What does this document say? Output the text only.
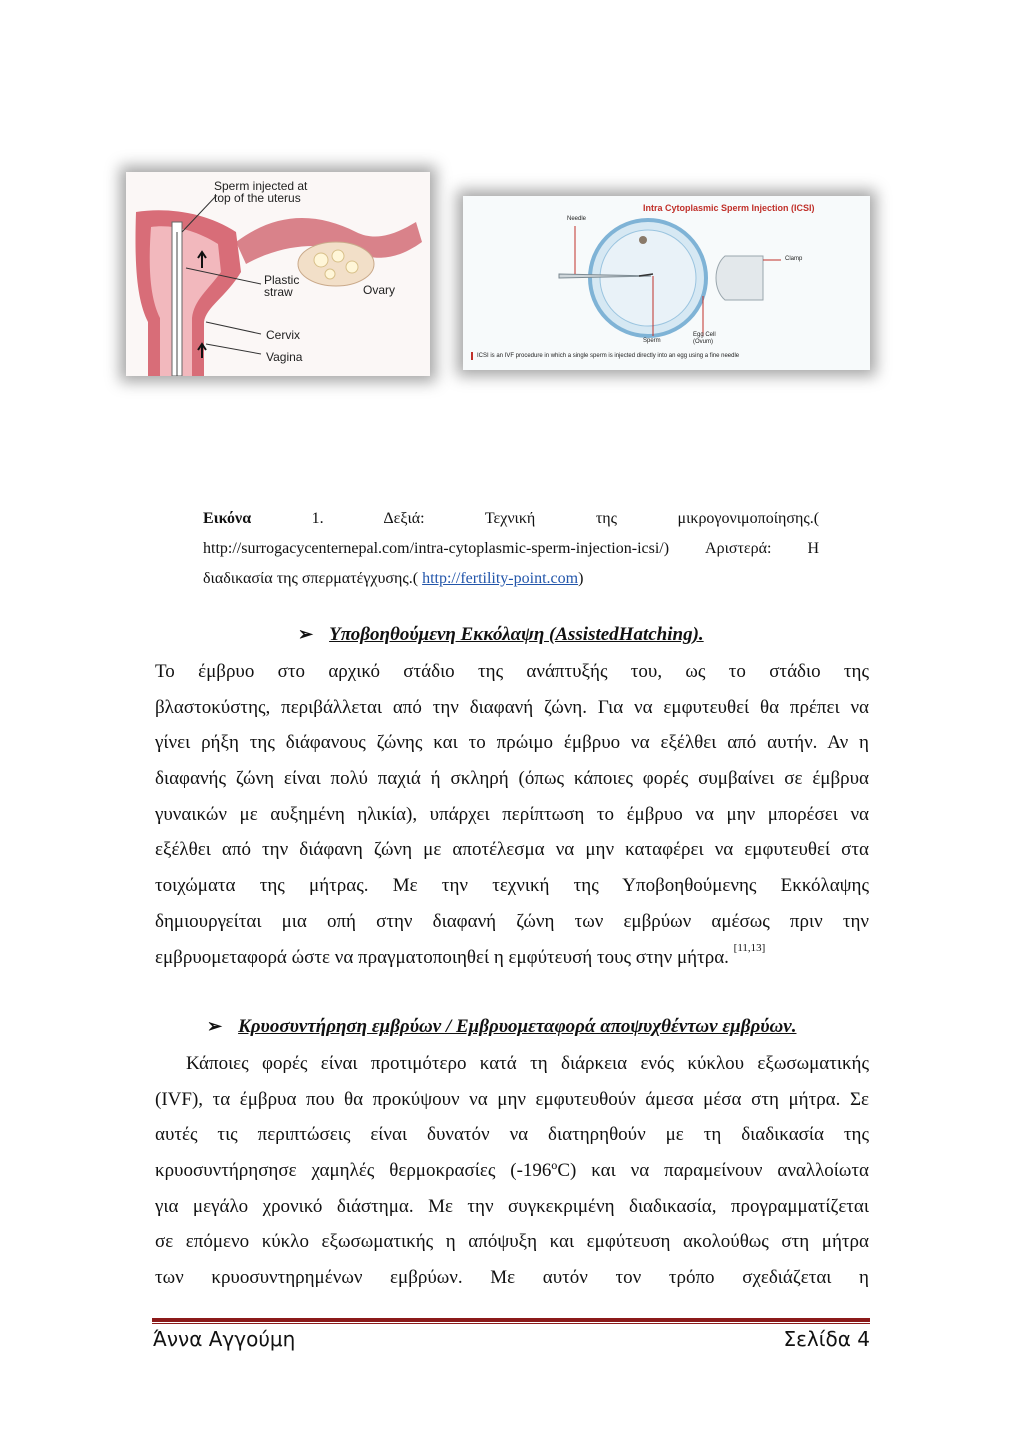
Sperm injected at
top of the uterus
Plastic
straw	Ovary
Cervix
Vagina
Intra Cytoplasmic Sperm Injection (ICSI)
Needle
Clamp
Sperm
Egg Cell
(Ovum)
ICSI is an IVF procedure in which a single sperm is injected directly into an egg using a fine needle
Εικόνα	1.	Δεξιά:	Τεχνική	της	μικρογονιμοποίησης.(
http://surrogacycenternepal.com/intra-cytoplasmic-sperm-injection-icsi/) Αριστερά: Η
διαδικασία της σπερματέγχυσης.( http://fertility-point.com)
➢ Υποβοηθούμενη Εκκόλαψη (AssistedHatching).
Το έμβρυο στο αρχικό στάδιο της ανάπτυξής του, ως το στάδιο της
βλαστοκύστης, περιβάλλεται από την διαφανή ζώνη. Για να εμφυτευθεί θα πρέπει να
γίνει ρήξη της διάφανους ζώνης και το πρώιμο έμβρυο να εξέλθει από αυτήν. Αν η
διαφανής ζώνη είναι πολύ παχιά ή σκληρή (όπως κάποιες φορές συμβαίνει σε έμβρυα
γυναικών με αυξημένη ηλικία), υπάρχει περίπτωση το έμβρυο να μην μπορέσει να
εξέλθει από την διάφανη ζώνη με αποτέλεσμα να μην καταφέρει να εμφυτευθεί στα
τοιχώματα της μήτρας. Με την τεχνική της Υποβοηθούμενης Εκκόλαψης
δημιουργείται μια οπή στην διαφανή ζώνη των εμβρύων αμέσως πριν την
εμβρυομεταφορά ώστε να πραγματοποιηθεί η εμφύτευσή τους στην μήτρα. [11,13]
➢ Κρυοσυντήρηση εμβρύων / Εμβρυομεταφορά αποψυχθέντων εμβρύων.
Κάποιες φορές είναι προτιμότερο κατά τη διάρκεια ενός κύκλου εξωσωματικής
(IVF), τα έμβρυα που θα προκύψουν να μην εμφυτευθούν άμεσα μέσα στη μήτρα. Σε
αυτές τις περιπτώσεις είναι δυνατόν να διατηρηθούν με τη διαδικασία της
κρυοσυντήρησησε χαμηλές θερμοκρασίες (-196ºC) και να παραμείνουν αναλλοίωτα
για μεγάλο χρονικό διάστημα. Με την συγκεκριμένη διαδικασία, προγραμματίζεται
σε επόμενο κύκλο εξωσωματικής η απόψυξη και εμφύτευση ακολούθως στη μήτρα
των κρυοσυντηρημένων εμβρύων. Με αυτόν τον τρόπο σχεδιάζεται η
Άννα Αγγούμη	Σελίδα 4
